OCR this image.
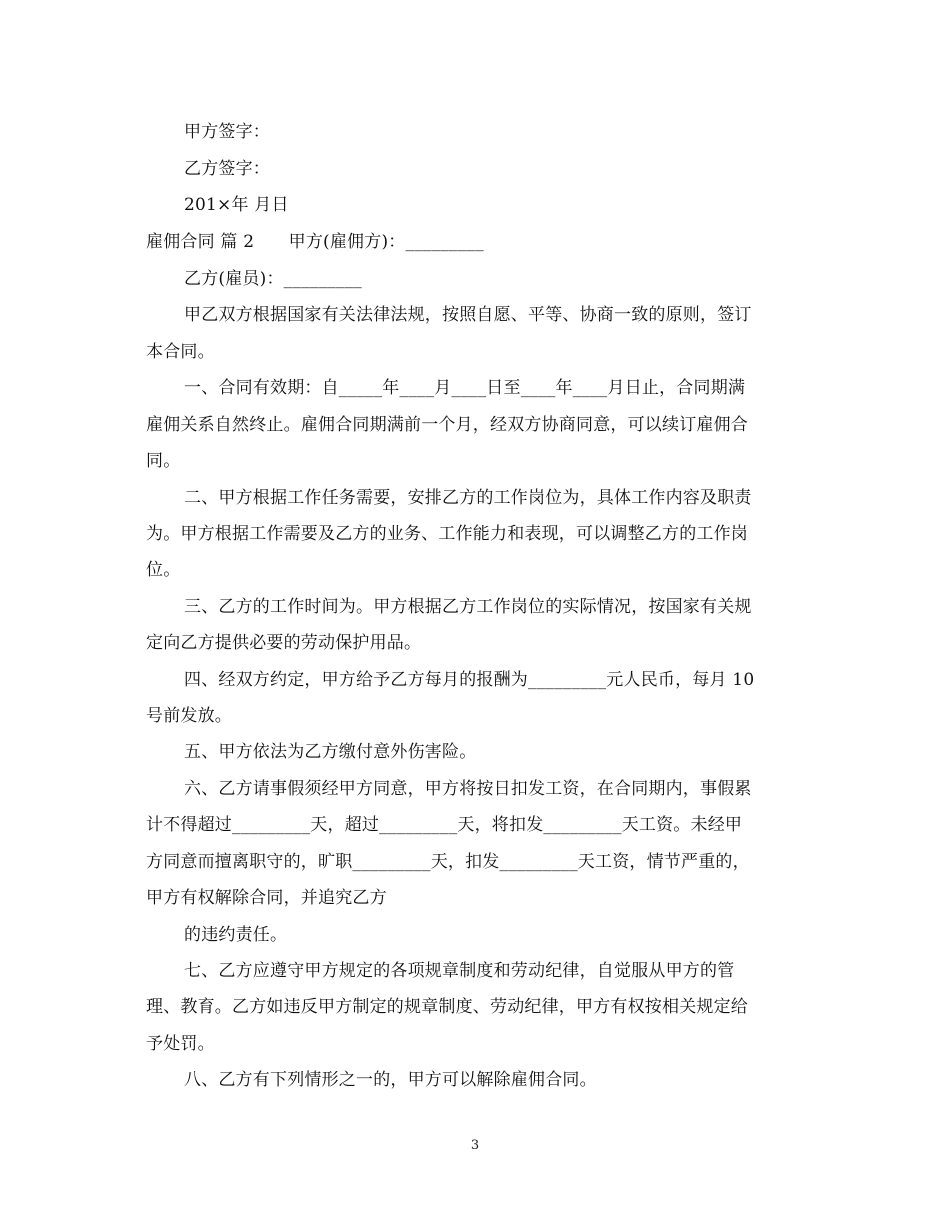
甲方签字：
乙方签字：
201×年 月日
雇佣合同 篇 2　　甲方(雇佣方)：_________
乙方(雇员)：_________
甲乙双方根据国家有关法律法规，按照自愿、平等、协商一致的原则，签订
本合同。
一、合同有效期：自_____年____月____日至____年____月日止，合同期满
雇佣关系自然终止。雇佣合同期满前一个月，经双方协商同意，可以续订雇佣合
同。
二、甲方根据工作任务需要，安排乙方的工作岗位为，具体工作内容及职责
为。甲方根据工作需要及乙方的业务、工作能力和表现，可以调整乙方的工作岗
位。
三、乙方的工作时间为。甲方根据乙方工作岗位的实际情况，按国家有关规
定向乙方提供必要的劳动保护用品。
四、经双方约定，甲方给予乙方每月的报酬为_________元人民币，每月 10
号前发放。
五、甲方依法为乙方缴付意外伤害险。
六、乙方请事假须经甲方同意，甲方将按日扣发工资，在合同期内，事假累
计不得超过_________天，超过_________天，将扣发_________天工资。未经甲
方同意而擅离职守的，旷职_________天，扣发_________天工资，情节严重的，
甲方有权解除合同，并追究乙方
的违约责任。
七、乙方应遵守甲方规定的各项规章制度和劳动纪律，自觉服从甲方的管
理、教育。乙方如违反甲方制定的规章制度、劳动纪律，甲方有权按相关规定给
予处罚。
八、乙方有下列情形之一的，甲方可以解除雇佣合同。
3
